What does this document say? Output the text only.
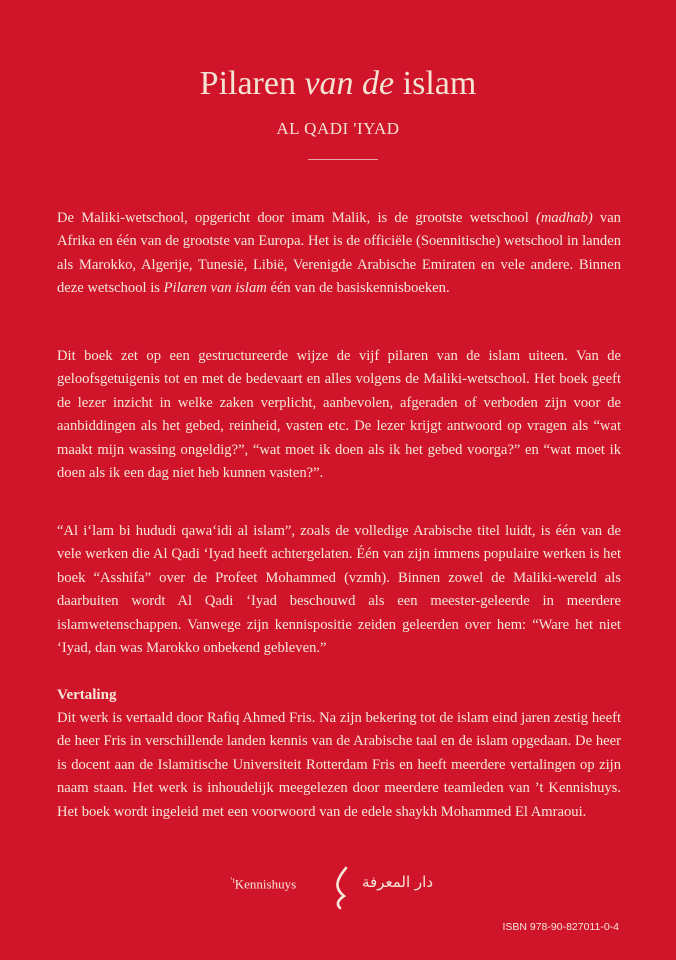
Pilaren van de islam
AL QADI 'IYAD
De Maliki-wetschool, opgericht door imam Malik, is de grootste wetschool (madhab) van Afrika en één van de grootste van Europa. Het is de officiële (Soennitische) wetschool in landen als Marokko, Algerije, Tunesië, Libië, Verenigde Arabische Emiraten en vele andere. Binnen deze wetschool is Pilaren van islam één van de basiskennisboeken.
Dit boek zet op een gestructureerde wijze de vijf pilaren van de islam uiteen. Van de geloofsgetuigenis tot en met de bedevaart en alles volgens de Maliki-wetschool. Het boek geeft de lezer inzicht in welke zaken verplicht, aanbevolen, afgeraden of verboden zijn voor de aanbiddingen als het gebed, reinheid, vasten etc. De lezer krijgt antwoord op vragen als “wat maakt mijn wassing ongeldig?”, “wat moet ik doen als ik het gebed voorga?” en “wat moet ik doen als ik een dag niet heb kunnen vasten?”.
“Al i‘lam bi hududi qawa‘idi al islam”, zoals de volledige Arabische titel luidt, is één van de vele werken die Al Qadi ‘Iyad heeft achtergelaten. Één van zijn immens populaire werken is het boek “Asshifa” over de Profeet Mohammed (vzmh). Binnen zowel de Maliki-wereld als daarbuiten wordt Al Qadi ‘Iyad beschouwd als een meester-geleerde in meerdere islamwetenschappen. Vanwege zijn kennispositie zeiden geleerden over hem: “Ware het niet ‘Iyad, dan was Marokko onbekend gebleven.”
Vertaling
Dit werk is vertaald door Rafiq Ahmed Fris. Na zijn bekering tot de islam eind jaren zestig heeft de heer Fris in verschillende landen kennis van de Arabische taal en de islam opgedaan. De heer is docent aan de Islamitische Universiteit Rotterdam Fris en heeft meerdere vertalingen op zijn naam staan. Het werk is inhoudelijk meegelezen door meerdere teamleden van ’t Kennishuys. Het boek wordt ingeleid met een voorwoord van de edele shaykh Mohammed El Amraoui.
$^{’t}$Kennishuys	دار المعرفة
ISBN 978-90-827011-0-4
